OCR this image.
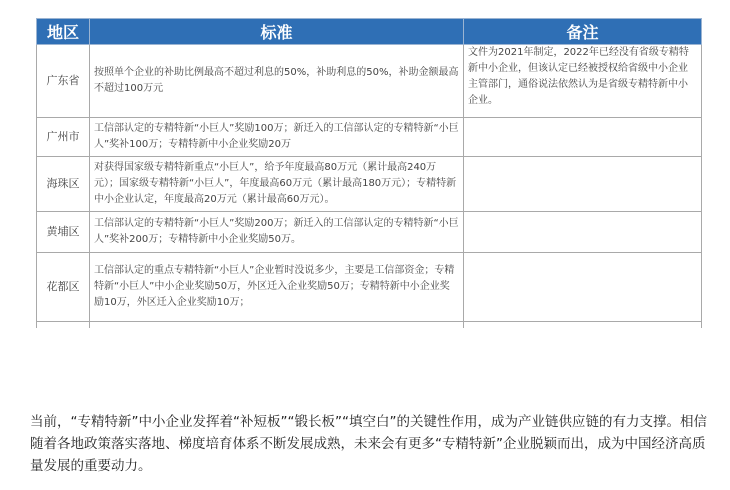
地区	标准	备注
广东省	按照单个企业的补助比例最高不超过利息的50%，补助利息的50%，补助金额最高不超过100万元	文件为2021年制定，2022年已经没有省级专精特新中小企业，但该认定已经被授权给省级中小企业主管部门，通俗说法依然认为是省级专精特新中小企业。
广州市	工信部认定的专精特新“小巨人”奖励100万；新迁入的工信部认定的专精特新“小巨人”奖补100万；专精特新中小企业奖励20万	
海珠区	对获得国家级专精特新重点“小巨人”，给予年度最高80万元（累计最高240万元）；国家级专精特新“小巨人”，年度最高60万元（累计最高180万元）；专精特新中小企业认定，年度最高20万元（累计最高60万元）。	
黄埔区	工信部认定的专精特新“小巨人”奖励200万；新迁入的工信部认定的专精特新“小巨人”奖补200万；专精特新中小企业奖励50万。	
花都区	工信部认定的重点专精特新“小巨人”企业暂时没说多少，主要是工信部资金；专精特新“小巨人”中小企业奖励50万，外区迁入企业奖励50万；专精特新中小企业奖励10万，外区迁入企业奖励10万；	

当前，“专精特新”中小企业发挥着“补短板”“锻长板”“填空白”的关键性作用，成为产业链供应链的有力支撑。相信随着各地政策落实落地、梯度培育体系不断发展成熟，未来会有更多“专精特新”企业脱颖而出，成为中国经济高质量发展的重要动力。
